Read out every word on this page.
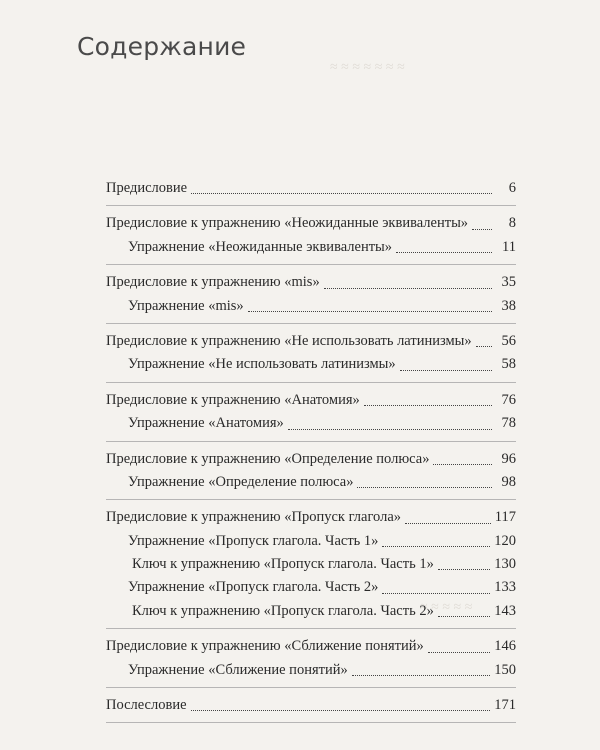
≈ ≈ ≈ ≈ ≈ ≈ ≈
≈ ≈ ≈ ≈ ≈
Содержание
Предисловие	6
Предисловие к упражнению «Неожиданные эквиваленты»	8
Упражнение «Неожиданные эквиваленты»	11
Предисловие к упражнению «mis»	35
Упражнение «mis»	38
Предисловие к упражнению «Не использовать латинизмы»	56
Упражнение «Не использовать латинизмы»	58
Предисловие к упражнению «Анатомия»	76
Упражнение «Анатомия»	78
Предисловие к упражнению «Определение полюса»	96
Упражнение «Определение полюса»	98
Предисловие к упражнению «Пропуск глагола»	117
Упражнение «Пропуск глагола. Часть 1»	120
Ключ к упражнению «Пропуск глагола. Часть 1»	130
Упражнение «Пропуск глагола. Часть 2»	133
Ключ к упражнению «Пропуск глагола. Часть 2»	143
Предисловие к упражнению «Сближение понятий»	146
Упражнение «Сближение понятий»	150
Послесловие	171
